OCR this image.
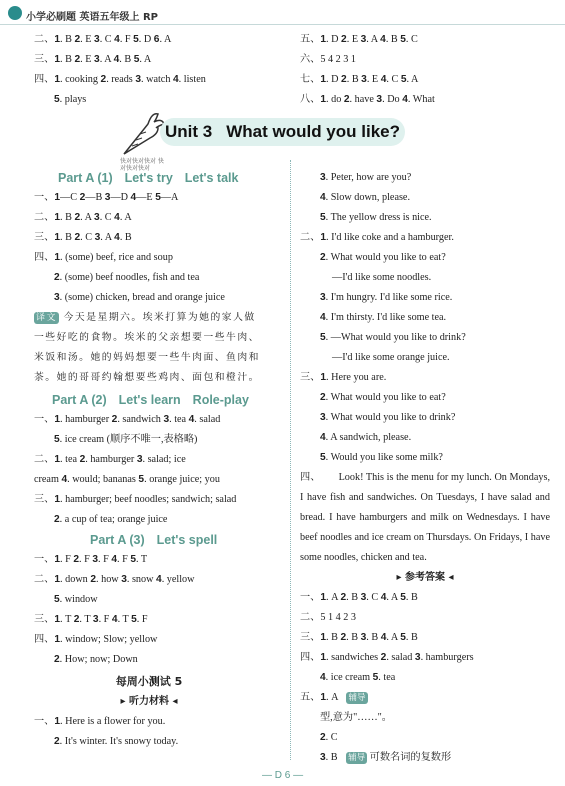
小学必刷题 英语五年级上 RP
二、1. B 2. E 3. C 4. F 5. D 6. A
三、1. B 2. E 3. A 4. B 5. A
四、1. cooking 2. reads 3. watch 4. listen
5. plays
五、1. D 2. E 3. A 4. B 5. C
六、5 4 2 3 1
七、1. D 2. B 3. E 4. C 5. A
八、1. do 2. have 3. Do 4. What
快对快对快对 快对快对快对
Unit 3 What would you like?
Part A (1) Let's try Let's talk
一、1—C 2—B 3—D 4—E 5—A
二、1. B 2. A 3. C 4. A
三、1. B 2. C 3. A 4. B
四、1. (some) beef, rice and soup
2. (some) beef noodles, fish and tea
3. (some) chicken, bread and orange juice
译文 今天是星期六。埃米打算为她的家人做一些好吃的食物。埃米的父亲想要一些牛肉、米饭和汤。她的妈妈想要一些牛肉面、鱼肉和茶。她的哥哥约翰想要些鸡肉、面包和橙汁。
Part A (2) Let's learn Role-play
一、1. hamburger 2. sandwich 3. tea 4. salad
5. ice cream (顺序不唯一,表格略)
二、1. tea 2. hamburger 3. salad; ice
cream 4. would; bananas 5. orange juice; you
三、1. hamburger; beef noodles; sandwich; salad
2. a cup of tea; orange juice
Part A (3) Let's spell
一、1. F 2. F 3. F 4. F 5. T
二、1. down 2. how 3. snow 4. yellow
5. window
三、1. T 2. T 3. F 4. T 5. F
四、1. window; Slow; yellow
2. How; now; Down
每周小测试 5
▸ 听力材料 ◂
一、1. Here is a flower for you.
2. It's winter. It's snowy today.
3. Peter, how are you?
4. Slow down, please.
5. The yellow dress is nice.
二、1. I'd like coke and a hamburger.
2. What would you like to eat?
—I'd like some noodles.
3. I'm hungry. I'd like some rice.
4. I'm thirsty. I'd like some tea.
5. —What would you like to drink?
—I'd like some orange juice.
三、1. Here you are.
2. What would you like to eat?
3. What would you like to drink?
4. A sandwich, please.
5. Would you like some milk?
四、 Look! This is the menu for my lunch. On Mondays, I have fish and sandwiches. On Tuesdays, I have salad and bread. I have hamburgers and milk on Wednesdays. I have beef noodles and ice cream on Thursdays. On Fridays, I have some noodles, chicken and tea.
▸ 参考答案 ◂
一、1. A 2. B 3. C 4. A 5. B
二、5 1 4 2 3
三、1. B 2. B 3. B 4. A 5. B
四、1. sandwiches 2. salad 3. hamburgers
4. ice cream 5. tea
五、1. A 辅导
型,意为"……"。
2. C
3. B 辅导 可数名词的复数形
— D 6 —
